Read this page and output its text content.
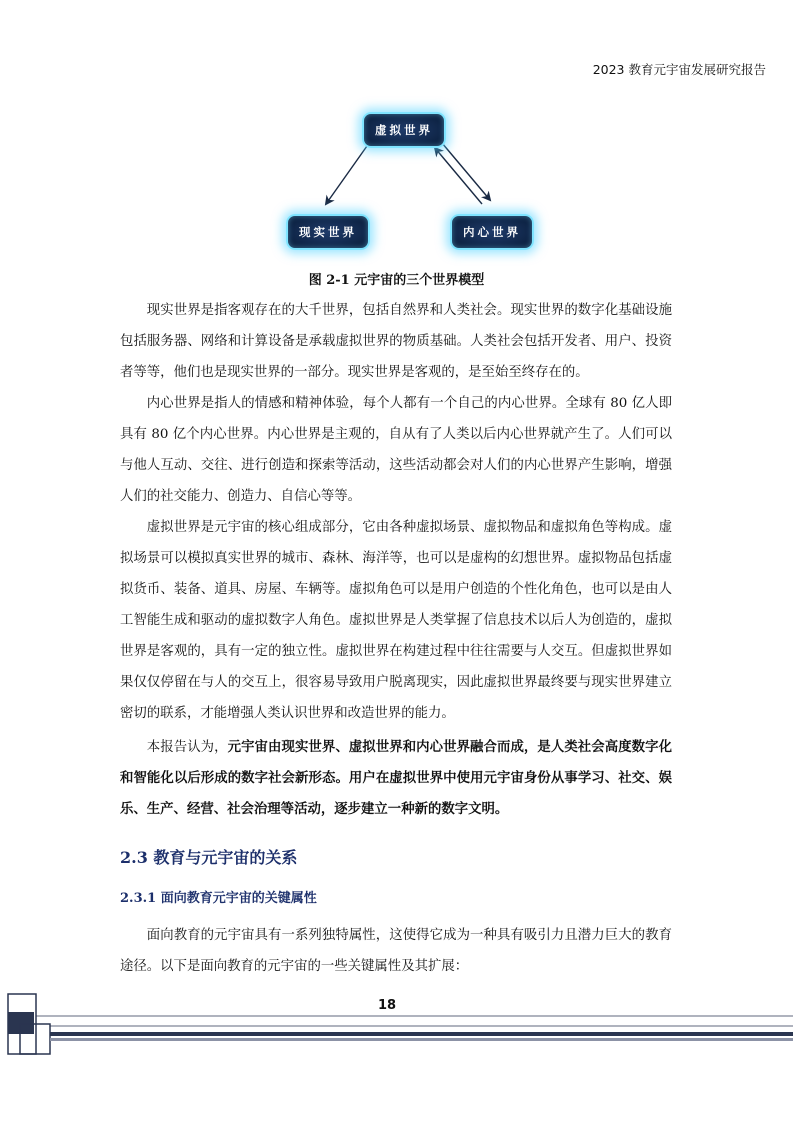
2023 教育元宇宙发展研究报告
虚拟世界
现实世界	内心世界
图 2-1 元宇宙的三个世界模型

现实世界是指客观存在的大千世界，包括自然界和人类社会。现实世界的数字化基础设施包括服务器、网络和计算设备是承载虚拟世界的物质基础。人类社会包括开发者、用户、投资者等等，他们也是现实世界的一部分。现实世界是客观的，是至始至终存在的。

内心世界是指人的情感和精神体验，每个人都有一个自己的内心世界。全球有 80 亿人即具有 80 亿个内心世界。内心世界是主观的，自从有了人类以后内心世界就产生了。人们可以与他人互动、交往、进行创造和探索等活动，这些活动都会对人们的内心世界产生影响，增强人们的社交能力、创造力、自信心等等。

虚拟世界是元宇宙的核心组成部分，它由各种虚拟场景、虚拟物品和虚拟角色等构成。虚拟场景可以模拟真实世界的城市、森林、海洋等，也可以是虚构的幻想世界。虚拟物品包括虚拟货币、装备、道具、房屋、车辆等。虚拟角色可以是用户创造的个性化角色，也可以是由人工智能生成和驱动的虚拟数字人角色。虚拟世界是人类掌握了信息技术以后人为创造的，虚拟世界是客观的，具有一定的独立性。虚拟世界在构建过程中往往需要与人交互。但虚拟世界如果仅仅停留在与人的交互上，很容易导致用户脱离现实，因此虚拟世界最终要与现实世界建立密切的联系，才能增强人类认识世界和改造世界的能力。

本报告认为，元宇宙由现实世界、虚拟世界和内心世界融合而成，是人类社会高度数字化和智能化以后形成的数字社会新形态。用户在虚拟世界中使用元宇宙身份从事学习、社交、娱乐、生产、经营、社会治理等活动，逐步建立一种新的数字文明。

2.3 教育与元宇宙的关系
2.3.1 面向教育元宇宙的关键属性

面向教育的元宇宙具有一系列独特属性，这使得它成为一种具有吸引力且潜力巨大的教育途径。以下是面向教育的元宇宙的一些关键属性及其扩展：

18
